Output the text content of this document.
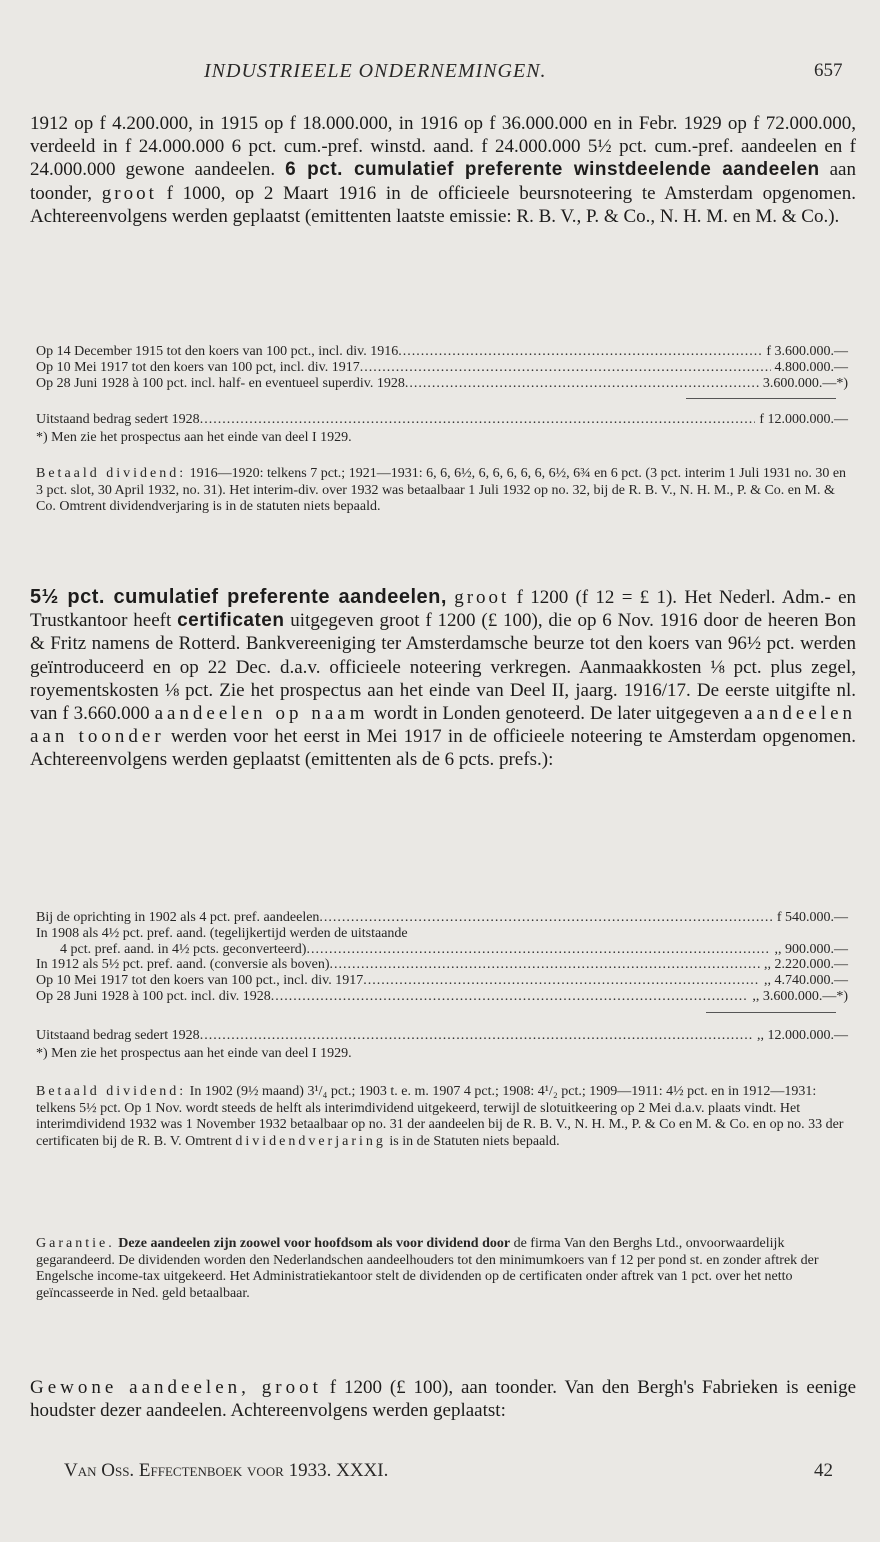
INDUSTRIEELE ONDERNEMINGEN.	657
1912 op f 4.200.000, in 1915 op f 18.000.000, in 1916 op f 36.000.000 en in Febr. 1929 op f 72.000.000, verdeeld in f 24.000.000 6 pct. cum.-pref. winstd. aand. f 24.000.000 5½ pct. cum.-pref. aandeelen en f 24.000.000 gewone aandeelen. 6 pct. cumulatief preferente winstdeelende aandeelen aan toonder, groot f 1000, op 2 Maart 1916 in de officieele beursnoteering te Amsterdam opgenomen. Achtereenvolgens werden geplaatst (emittenten laatste emissie: R. B. V., P. & Co., N. H. M. en M. & Co.).
Op 14 December 1915 tot den koers van 100 pct., incl. div. 1916 .....	f 3.600.000.—
Op 10 Mei 1917 tot den koers van 100 pct, incl. div. 1917 .....	4.800.000.—
Op 28 Juni 1928 à 100 pct. incl. half- en eventueel superdiv. 1928 .....	3.600.000.—*)
Uitstaand bedrag sedert 1928 .....	f 12.000.000.—
*) Men zie het prospectus aan het einde van deel I 1929.
Betaald dividend: 1916—1920: telkens 7 pct.; 1921—1931: 6, 6, 6½, 6, 6, 6, 6, 6, 6½, 6¾ en 6 pct. (3 pct. interim 1 Juli 1931 no. 30 en 3 pct. slot, 30 April 1932, no. 31). Het interim-div. over 1932 was betaalbaar 1 Juli 1932 op no. 32, bij de R. B. V., N. H. M., P. & Co. en M. & Co. Omtrent dividendverjaring is in de statuten niets bepaald.
5½ pct. cumulatief preferente aandeelen, groot f 1200 (f 12 = £ 1). Het Nederl. Adm.- en Trustkantoor heeft certificaten uitgegeven groot f 1200 (£ 100), die op 6 Nov. 1916 door de heeren Bon & Fritz namens de Rotterd. Bankvereeniging ter Amsterdamsche beurze tot den koers van 96½ pct. werden geïntroduceerd en op 22 Dec. d.a.v. officieele noteering verkregen. Aanmaakkosten ⅛ pct. plus zegel, royementskosten ⅛ pct. Zie het prospectus aan het einde van Deel II, jaarg. 1916/17. De eerste uitgifte nl. van f 3.660.000 aandeelen op naam wordt in Londen genoteerd. De later uitgegeven aandeelen aan toonder werden voor het eerst in Mei 1917 in de officieele noteering te Amsterdam opgenomen. Achtereenvolgens werden geplaatst (emittenten als de 6 pcts. prefs.):
Bij de oprichting in 1902 als 4 pct. pref. aandeelen .....	f 540.000.—
In 1908 als 4½ pct. pref. aand. (tegelijkertijd werden de uitstaande
4 pct. pref. aand. in 4½ pcts. geconverteerd) .....	,, 900.000.—
In 1912 als 5½ pct. pref. aand. (conversie als boven) .....	,, 2.220.000.—
Op 10 Mei 1917 tot den koers van 100 pct., incl. div. 1917 .....	,, 4.740.000.—
Op 28 Juni 1928 à 100 pct. incl. div. 1928 .....	,, 3.600.000.—*)
Uitstaand bedrag sedert 1928 .....	,, 12.000.000.—
*) Men zie het prospectus aan het einde van deel I 1929.
Betaald dividend: In 1902 (9½ maand) 3¹/₄ pct.; 1903 t. e. m. 1907 4 pct.; 1908: 4¹/₂ pct.; 1909—1911: 4½ pct. en in 1912—1931: telkens 5½ pct. Op 1 Nov. wordt steeds de helft als interimdividend uitgekeerd, terwijl de slotuitkeering op 2 Mei d.a.v. plaats vindt. Het interimdividend 1932 was 1 November 1932 betaalbaar op no. 31 der aandeelen bij de R. B. V., N. H. M., P. & Co en M. & Co. en op no. 33 der certificaten bij de R. B. V. Omtrent dividendverjaring is in de Statuten niets bepaald.
Garantie. Deze aandeelen zijn zoowel voor hoofdsom als voor dividend door de firma Van den Berghs Ltd., onvoorwaardelijk gegarandeerd. De dividenden worden den Nederlandschen aandeelhouders tot den minimumkoers van f 12 per pond st. en zonder aftrek der Engelsche income-tax uitgekeerd. Het Administratiekantoor stelt de dividenden op de certificaten onder aftrek van 1 pct. over het netto geïncasseerde in Ned. geld betaalbaar.
Gewone aandeelen, groot f 1200 (£ 100), aan toonder. Van den Bergh's Fabrieken is eenige houdster dezer aandeelen. Achtereenvolgens werden geplaatst:
Van Oss. Effectenboek voor 1933. XXXI.	42
